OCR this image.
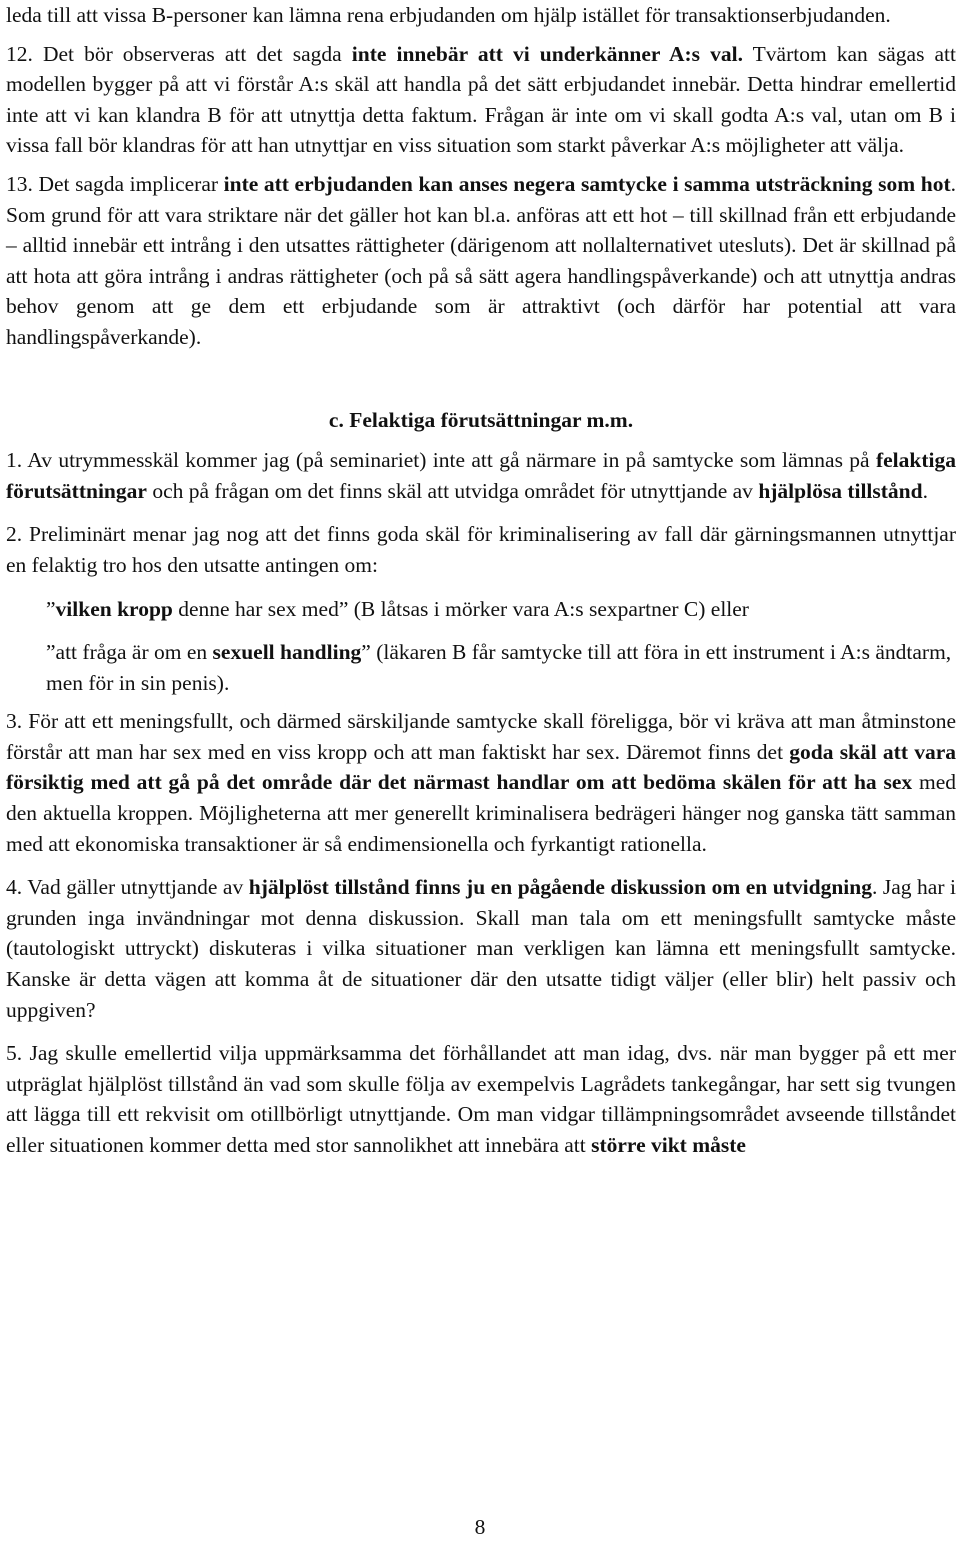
leda till att vissa B-personer kan lämna rena erbjudanden om hjälp istället för transaktionserbjudanden.

12. Det bör observeras att det sagda inte innebär att vi underkänner A:s val. Tvärtom kan sägas att modellen bygger på att vi förstår A:s skäl att handla på det sätt erbjudandet innebär. Detta hindrar emellertid inte att vi kan klandra B för att utnyttja detta faktum. Frågan är inte om vi skall godta A:s val, utan om B i vissa fall bör klandras för att han utnyttjar en viss situation som starkt påverkar A:s möjligheter att välja.

13. Det sagda implicerar inte att erbjudanden kan anses negera samtycke i samma utsträckning som hot. Som grund för att vara striktare när det gäller hot kan bl.a. anföras att ett hot – till skillnad från ett erbjudande – alltid innebär ett intrång i den utsattes rättigheter (därigenom att nollalternativet utesluts). Det är skillnad på att hota att göra intrång i andras rättigheter (och på så sätt agera handlingspåverkande) och att utnyttja andras behov genom att ge dem ett erbjudande som är attraktivt (och därför har potential att vara handlingspåverkande).

c. Felaktiga förutsättningar m.m.

1. Av utrymmesskäl kommer jag (på seminariet) inte att gå närmare in på samtycke som lämnas på felaktiga förutsättningar och på frågan om det finns skäl att utvidga området för utnyttjande av hjälplösa tillstånd.

2. Preliminärt menar jag nog att det finns goda skäl för kriminalisering av fall där gärningsmannen utnyttjar en felaktig tro hos den utsatte antingen om:

”vilken kropp denne har sex med” (B låtsas i mörker vara A:s sexpartner C) eller

”att fråga är om en sexuell handling” (läkaren B får samtycke till att föra in ett instrument i A:s ändtarm, men för in sin penis).

3. För att ett meningsfullt, och därmed särskiljande samtycke skall föreligga, bör vi kräva att man åtminstone förstår att man har sex med en viss kropp och att man faktiskt har sex. Däremot finns det goda skäl att vara försiktig med att gå på det område där det närmast handlar om att bedöma skälen för att ha sex med den aktuella kroppen. Möjligheterna att mer generellt kriminalisera bedrägeri hänger nog ganska tätt samman med att ekonomiska transaktioner är så endimensionella och fyrkantigt rationella.

4. Vad gäller utnyttjande av hjälplöst tillstånd finns ju en pågående diskussion om en utvidgning. Jag har i grunden inga invändningar mot denna diskussion. Skall man tala om ett meningsfullt samtycke måste (tautologiskt uttryckt) diskuteras i vilka situationer man verkligen kan lämna ett meningsfullt samtycke. Kanske är detta vägen att komma åt de situationer där den utsatte tidigt väljer (eller blir) helt passiv och uppgiven?

5. Jag skulle emellertid vilja uppmärksamma det förhållandet att man idag, dvs. när man bygger på ett mer utpräglat hjälplöst tillstånd än vad som skulle följa av exempelvis Lagrådets tankegångar, har sett sig tvungen att lägga till ett rekvisit om otillbörligt utnyttjande. Om man vidgar tillämpningsområdet avseende tillståndet eller situationen kommer detta med stor sannolikhet att innebära att större vikt måste

8
